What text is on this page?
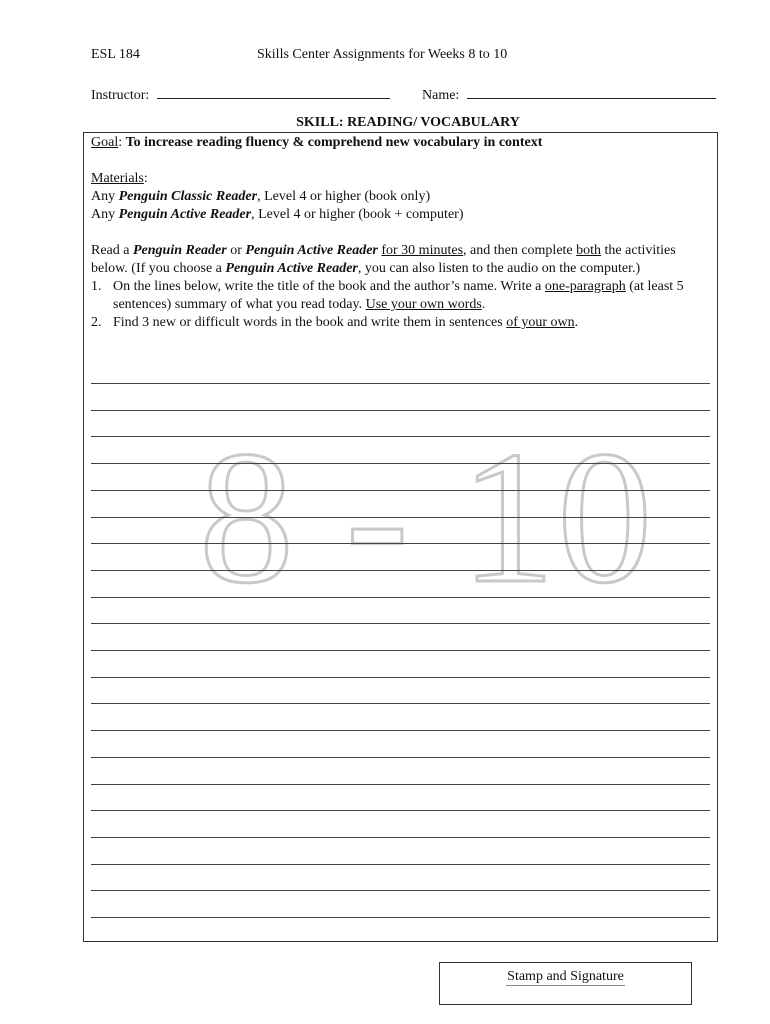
ESL 184	Skills Center Assignments for Weeks 8 to 10
Instructor:	Name:
SKILL: READING/ VOCABULARY
8 - 10
Goal: To increase reading fluency & comprehend new vocabulary in context
Materials:
Any Penguin Classic Reader, Level 4 or higher (book only)
Any Penguin Active Reader, Level 4 or higher (book + computer)
Read a Penguin Reader or Penguin Active Reader for 30 minutes, and then complete both the activities below. (If you choose a Penguin Active Reader, you can also listen to the audio on the computer.)
1. On the lines below, write the title of the book and the author’s name. Write a one-paragraph (at least 5 sentences) summary of what you read today. Use your own words.
2. Find 3 new or difficult words in the book and write them in sentences of your own.
Stamp and Signature
